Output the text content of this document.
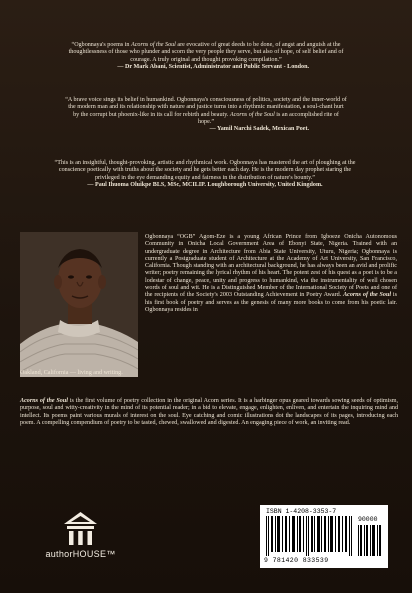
“Ogbonnaya's poems in Acorns of the Soul are evocative of great deeds to be done, of angst and anguish at the thoughtlessness of those who plunder and scorn the very people they serve, but also of hope, of self belief and of courage. A truly original and thought provoking compilation.”
— Dr Mark Abani, Scientist, Administrator and Public Servant - London.
“A brave voice sings its belief in humankind. Ogbonnaya's consciousness of politics, society and the inner-world of the modern man and its relationship with nature and justice turns into a rhythmic manifestation, a soul-chant hurt by the corrupt but phoenix-like in its call for rebirth and beauty. Acorns of the Soul is an accomplished rite of hope.”
— Yamil Narchi Sadek, Mexican Poet.
“This is an insightful, thought-provoking, artistic and rhythmical work. Ogbonnaya has mastered the art of ploughing at the conscience poetically with truths about the society and he gets better each day. He is the modern day prophet staring the privileged in the eye demanding equity and fairness in the distribution of nature's bounty.”
— Paul Ihuoma Oluikpe BLS, MSc, MCILIP. Loughborough University, United Kingdom.
Ogbonnaya “OGB” Agom-Eze is a young African Prince from Igboeze Onicha Autonomous Community in Onicha Local Government Area of Ebonyi State, Nigeria. Trained with an undergraduate degree in Architecture from Abia State University, Uturu, Nigeria; Ogbonnaya is currently a Postgraduate student of Architecture at the Academy of Art University, San Francisco, California. Though standing with an architectural background, he has always been an avid and prolific writer; poetry remaining the lyrical rhythm of his heart. The potent zest of his quest as a poet is to be a lodestar of change, peace, unity and progress to humankind, via the instrumentality of well chosen words of soul and wit. He is a Distinguished Member of the International Society of Poets and one of the recipients of the Society's 2003 Outstanding Achievement in Poetry Award. Acorns of the Soul is his first book of poetry and serves as the genesis of many more books to come from his poetic lair. Ogbonnaya resides in
Oakland, California — living and writing.
Acorns of the Soul is the first volume of poetry collection in the original Acorn series. It is a harbinger opus geared towards sowing seeds of optimism, purpose, soul and witty-creativity in the mind of its potential reader; in a bid to elevate, engage, enlighten, enliven, and entertain the inquiring mind and intellect. Its poems paint various murals of interest on the soul. Eye catching and comic illustrations dot the landscapes of its pages, introducing each poem. A compelling compendium of poetry to be tasted, chewed, swallowed and digested. An engaging piece of work, an inviting read.
authorHOUSE™
ISBN 1-4208-3353-7
90000
9 781420 833539
